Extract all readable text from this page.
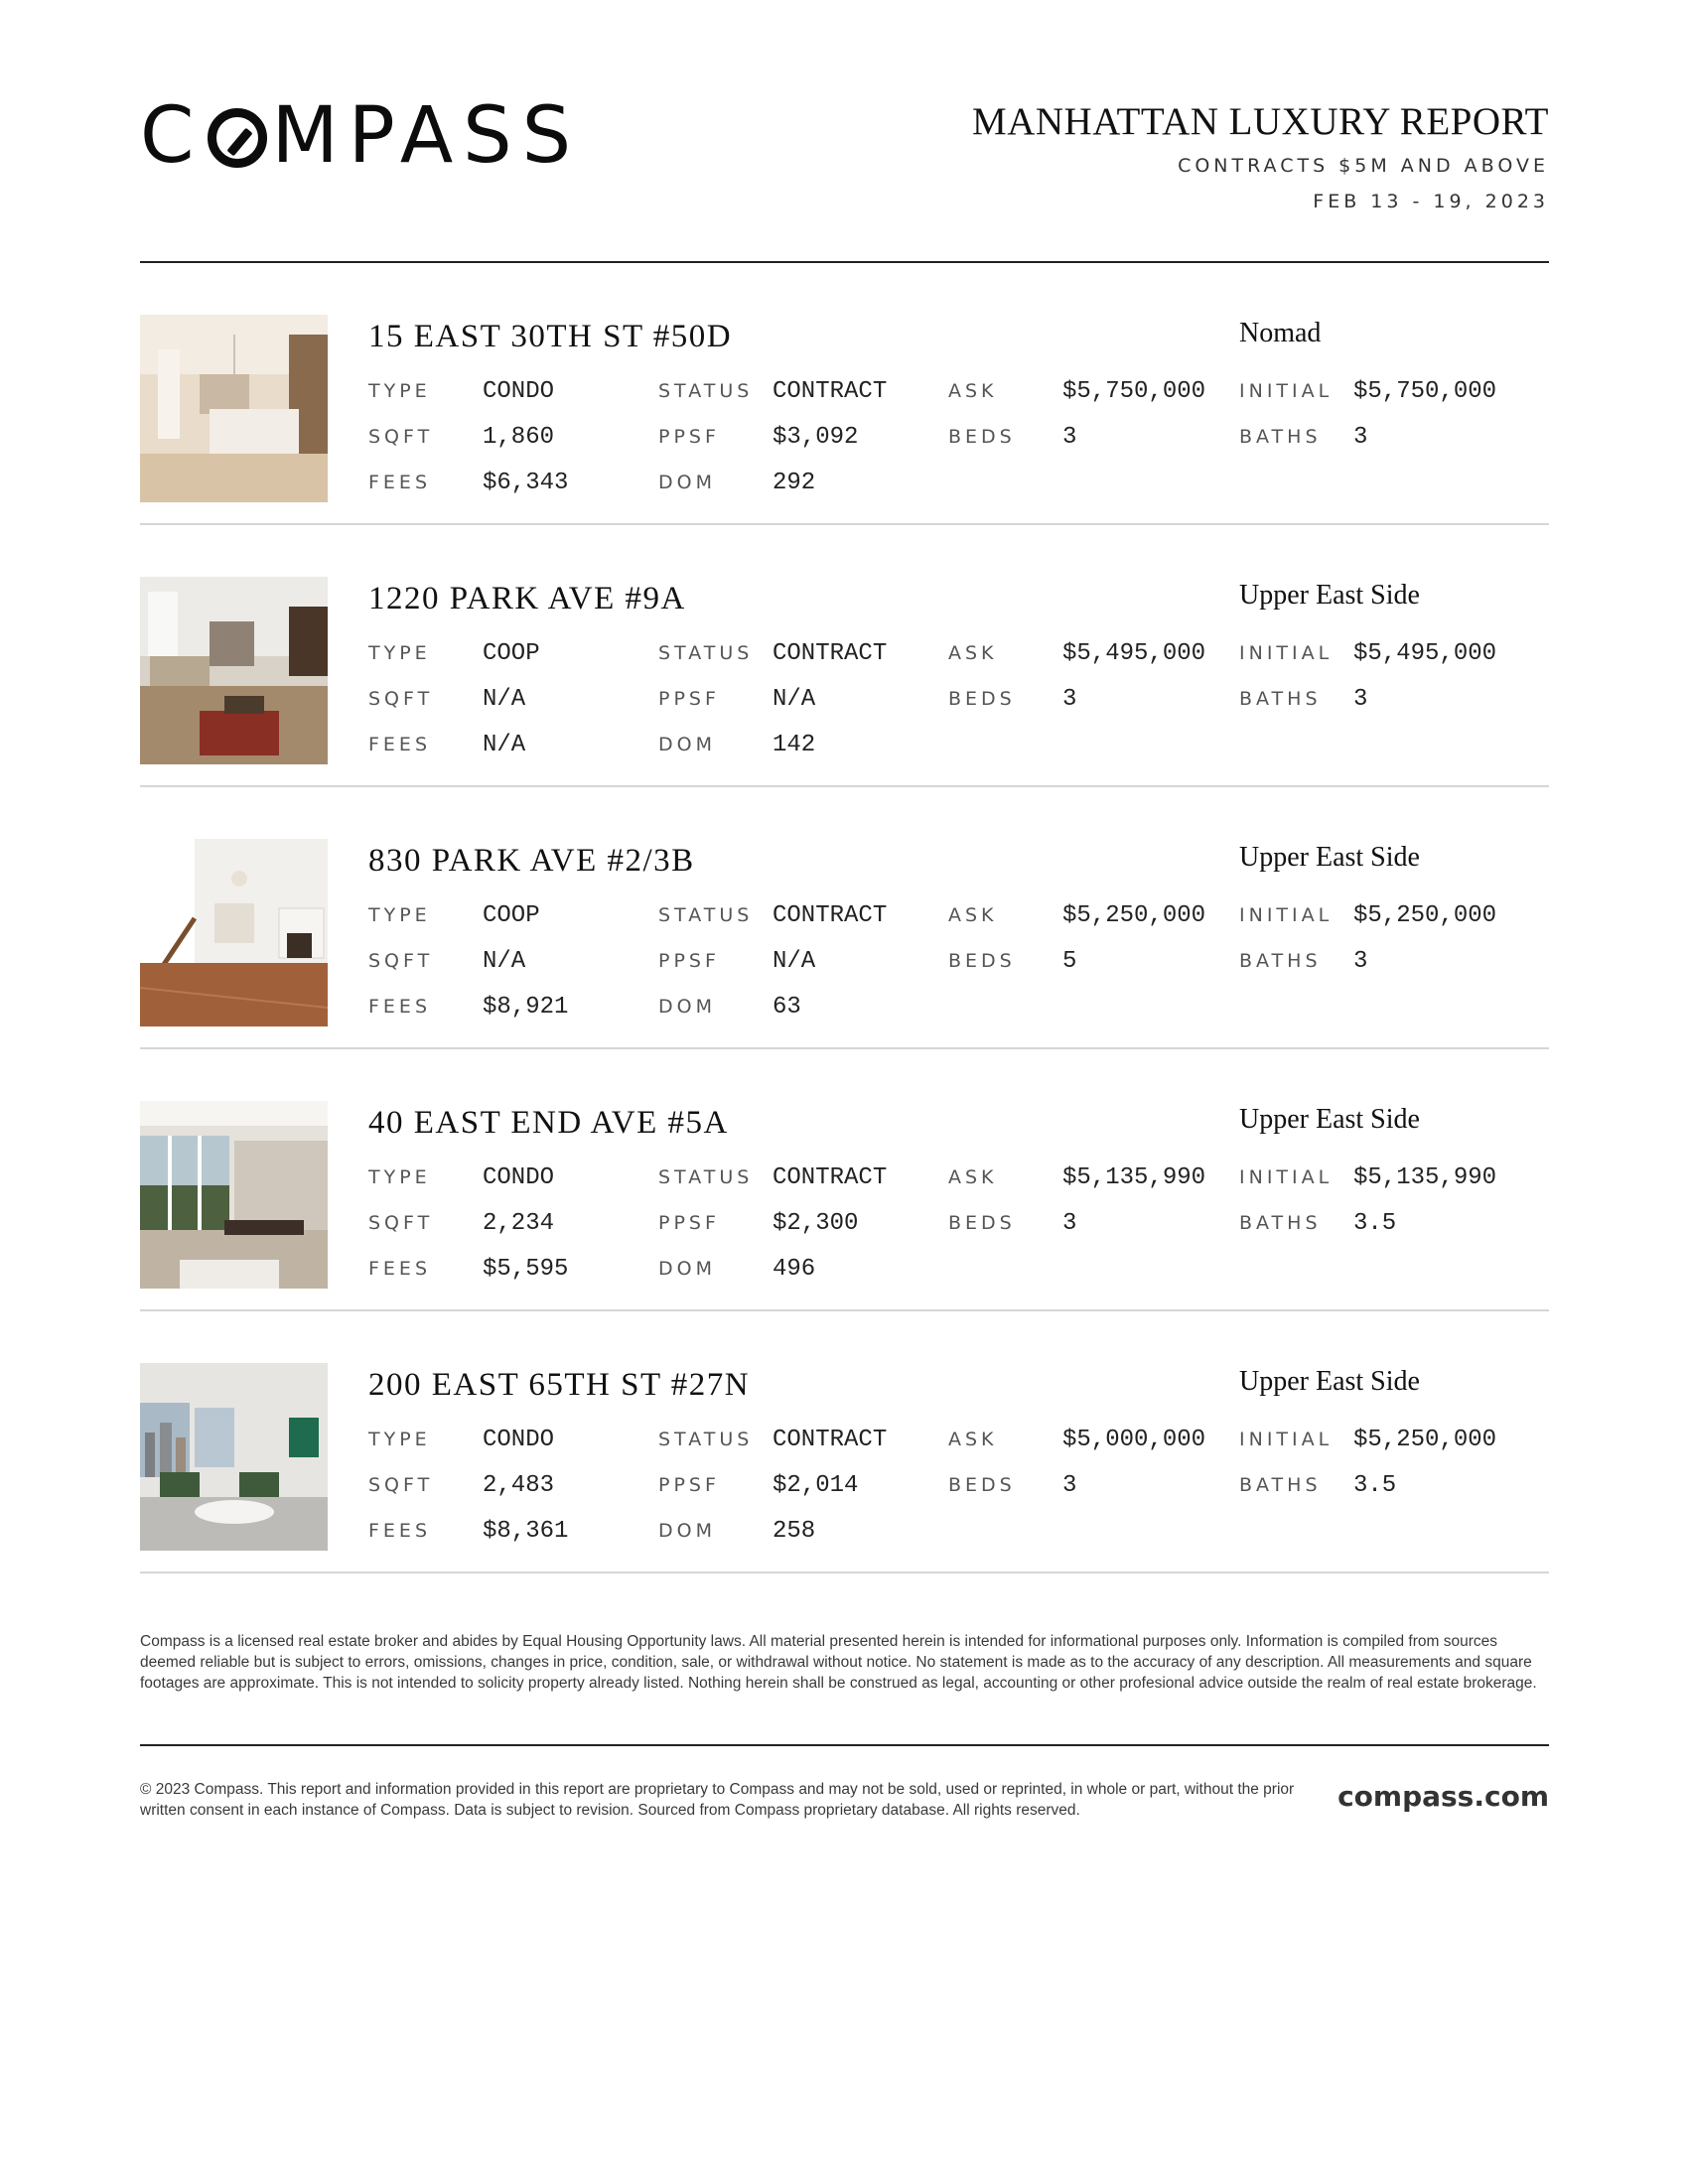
C MPASS	MANHATTAN LUXURY REPORT
CONTRACTS $5M AND ABOVE
FEB 13 - 19, 2023
15 EAST 30TH ST #50D	Nomad
TYPE CONDO	STATUS CONTRACT	ASK	$5,750,000 INITIAL $5,750,000
SQFT 1,860	PPSF $3,092	BEDS 3	BATHS 3
FEES $6,343	DOM 292
1220 PARK AVE #9A	Upper East Side
TYPE COOP	STATUS CONTRACT	ASK	$5,495,000 INITIAL $5,495,000
SQFT N/A	PPSF N/A	BEDS 3	BATHS 3
FEES N/A	DOM 142
830 PARK AVE #2/3B	Upper East Side
TYPE COOP	STATUS CONTRACT	ASK	$5,250,000 INITIAL $5,250,000
SQFT N/A	PPSF N/A	BEDS 5	BATHS 3
FEES $8,921	DOM 63
40 EAST END AVE #5A	Upper East Side
TYPE CONDO	STATUS CONTRACT	ASK	$5,135,990 INITIAL $5,135,990
SQFT 2,234	PPSF $2,300	BEDS 3	BATHS 3.5
FEES $5,595	DOM 496
200 EAST 65TH ST #27N	Upper East Side
TYPE CONDO	STATUS CONTRACT	ASK	$5,000,000 INITIAL $5,250,000
SQFT 2,483	PPSF $2,014	BEDS 3	BATHS 3.5
FEES $8,361	DOM 258
Compass is a licensed real estate broker and abides by Equal Housing Opportunity laws. All material presented herein is intended for informational purposes only. Information is compiled from sources deemed reliable but is subject to errors, omissions, changes in price, condition, sale, or withdrawal without notice. No statement is made as to the accuracy of any description. All measurements and square footages are approximate. This is not intended to solicity property already listed. Nothing herein shall be construed as legal, accounting or other profesional advice outside the realm of real estate brokerage.
© 2023 Compass. This report and information provided in this report are proprietary to Compass and may not be sold, used or reprinted, in whole or part, without the prior written consent in each instance of Compass. Data is subject to revision. Sourced from Compass proprietary database. All rights reserved.	compass.com
